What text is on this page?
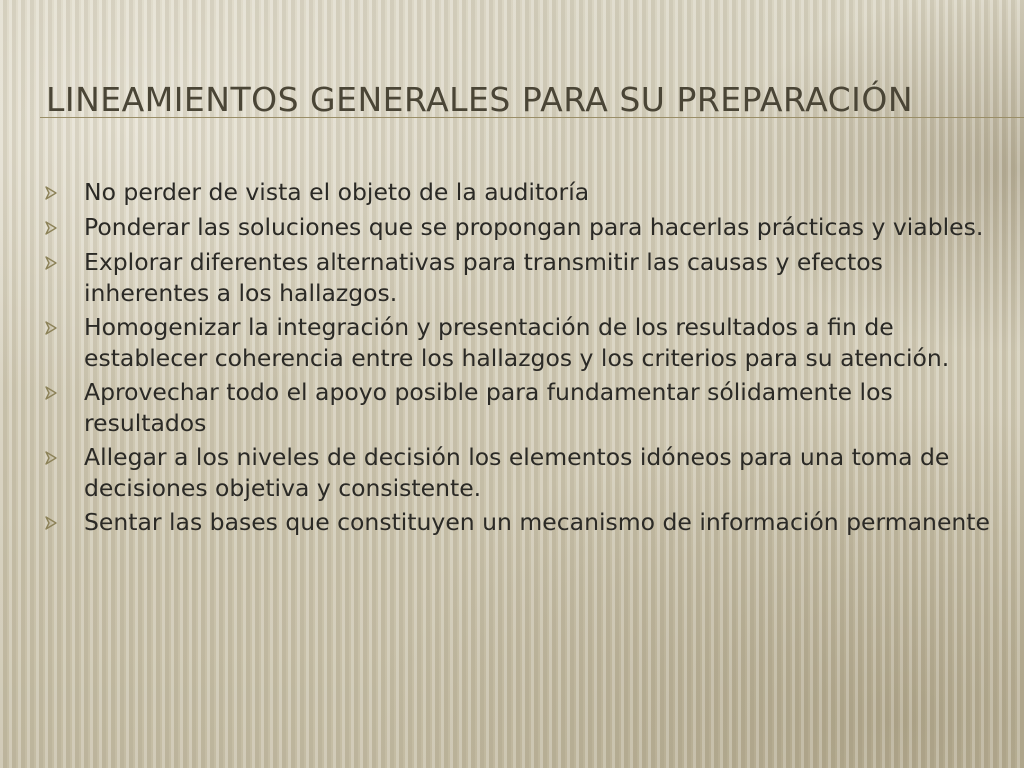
LINEAMIENTOS GENERALES PARA SU PREPARACIÓN
No perder de vista el objeto de la auditoría
Ponderar las soluciones que se propongan para hacerlas prácticas y viables.
Explorar diferentes alternativas para transmitir las causas y efectos inherentes a los hallazgos.
Homogenizar la integración y presentación de los resultados a fin de establecer coherencia entre los hallazgos y los criterios para su atención.
Aprovechar todo el apoyo posible para fundamentar sólidamente los resultados
Allegar a los niveles de decisión los elementos idóneos para una toma de decisiones objetiva y consistente.
Sentar las bases que constituyen un mecanismo de información permanente
